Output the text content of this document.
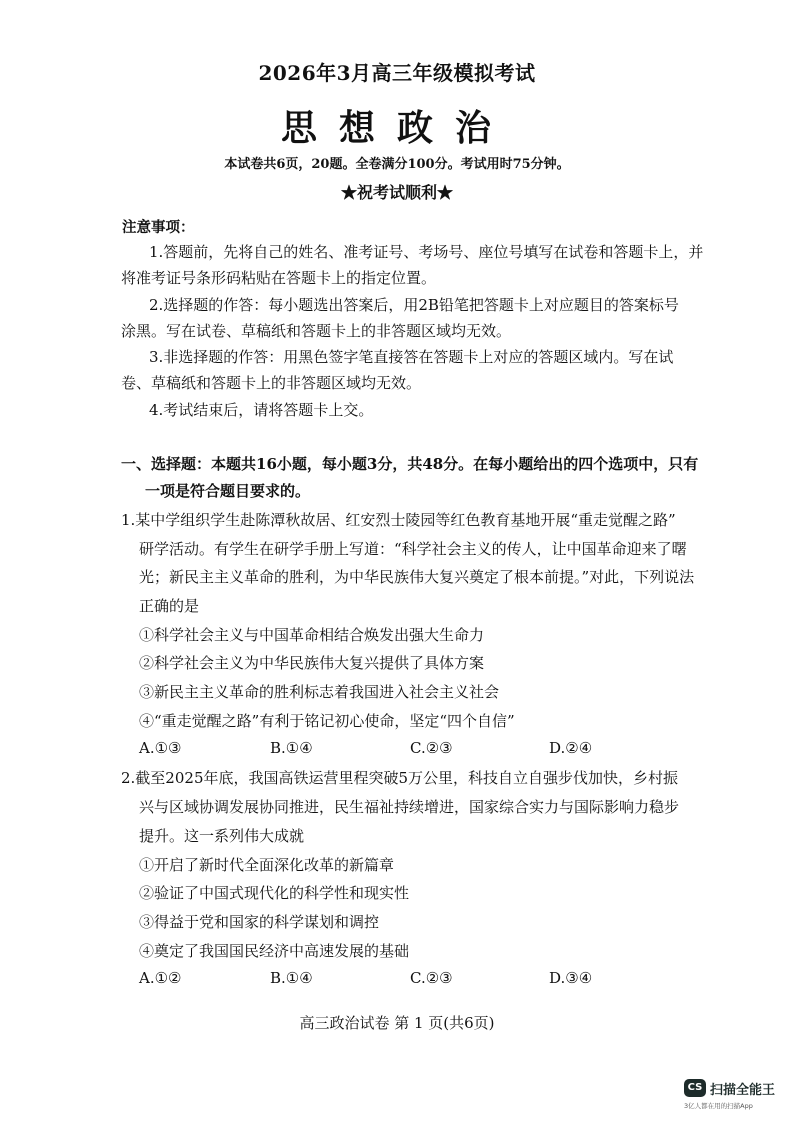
2026年3月高三年级模拟考试
思想政治
本试卷共6页，20题。全卷满分100分。考试用时75分钟。
★祝考试顺利★
注意事项：
1.答题前，先将自己的姓名、准考证号、考场号、座位号填写在试卷和答题卡上，并
将准考证号条形码粘贴在答题卡上的指定位置。
2.选择题的作答：每小题选出答案后，用2B铅笔把答题卡上对应题目的答案标号
涂黑。写在试卷、草稿纸和答题卡上的非答题区域均无效。
3.非选择题的作答：用黑色签字笔直接答在答题卡上对应的答题区域内。写在试
卷、草稿纸和答题卡上的非答题区域均无效。
4.考试结束后，请将答题卡上交。
一、选择题：本题共16小题，每小题3分，共48分。在每小题给出的四个选项中，只有
一项是符合题目要求的。
1.某中学组织学生赴陈潭秋故居、红安烈士陵园等红色教育基地开展“重走觉醒之路”
研学活动。有学生在研学手册上写道：“科学社会主义的传人，让中国革命迎来了曙
光；新民主主义革命的胜利，为中华民族伟大复兴奠定了根本前提。”对此，下列说法
正确的是
①科学社会主义与中国革命相结合焕发出强大生命力
②科学社会主义为中华民族伟大复兴提供了具体方案
③新民主主义革命的胜利标志着我国进入社会主义社会
④“重走觉醒之路”有利于铭记初心使命，坚定“四个自信”
A.①③	B.①④	C.②③	D.②④
2.截至2025年底，我国高铁运营里程突破5万公里，科技自立自强步伐加快，乡村振
兴与区域协调发展协同推进，民生福祉持续增进，国家综合实力与国际影响力稳步
提升。这一系列伟大成就
①开启了新时代全面深化改革的新篇章
②验证了中国式现代化的科学性和现实性
③得益于党和国家的科学谋划和调控
④奠定了我国国民经济中高速发展的基础
A.①②	B.①④	C.②③	D.③④
高三政治试卷 第 1 页(共6页)
CS 扫描全能王
3亿人都在用的扫描App
